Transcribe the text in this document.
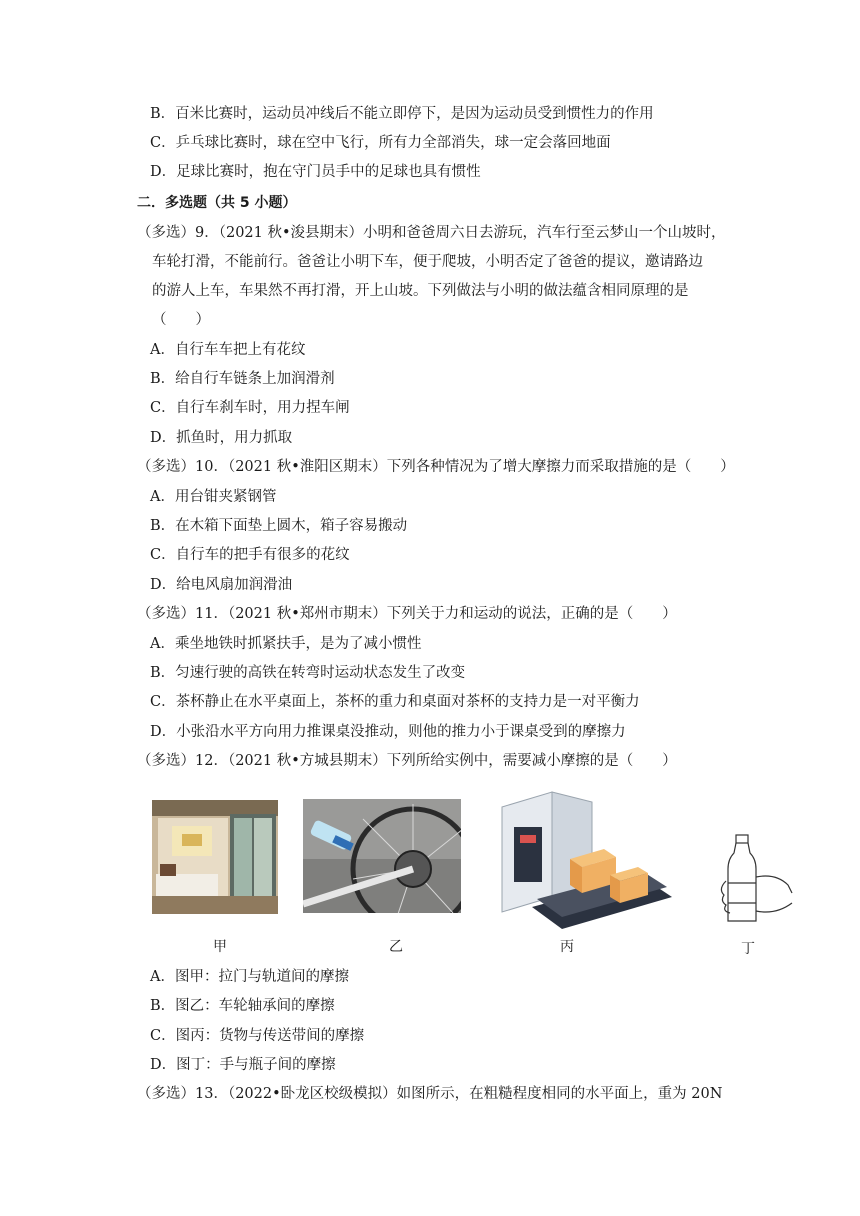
B．百米比赛时，运动员冲线后不能立即停下，是因为运动员受到惯性力的作用
C．乒乓球比赛时，球在空中飞行，所有力全部消失，球一定会落回地面
D．足球比赛时，抱在守门员手中的足球也具有惯性
二．多选题（共 5 小题）
（多选）9．（2021 秋•浚县期末）小明和爸爸周六日去游玩，汽车行至云梦山一个山坡时，
车轮打滑，不能前行。爸爸让小明下车，便于爬坡，小明否定了爸爸的提议，邀请路边
的游人上车，车果然不再打滑，开上山坡。下列做法与小明的做法蕴含相同原理的是
（　　）
A．自行车车把上有花纹
B．给自行车链条上加润滑剂
C．自行车刹车时，用力捏车闸
D．抓鱼时，用力抓取
（多选）10．（2021 秋•淮阳区期末）下列各种情况为了增大摩擦力而采取措施的是（　　）
A．用台钳夹紧钢管
B．在木箱下面垫上圆木，箱子容易搬动
C．自行车的把手有很多的花纹
D．给电风扇加润滑油
（多选）11．（2021 秋•郑州市期末）下列关于力和运动的说法，正确的是（　　）
A．乘坐地铁时抓紧扶手，是为了减小惯性
B．匀速行驶的高铁在转弯时运动状态发生了改变
C．茶杯静止在水平桌面上，茶杯的重力和桌面对茶杯的支持力是一对平衡力
D．小张沿水平方向用力推课桌没推动，则他的推力小于课桌受到的摩擦力
（多选）12．（2021 秋•方城县期末）下列所给实例中，需要减小摩擦的是（　　）
甲	乙	丙	丁
A．图甲：拉门与轨道间的摩擦
B．图乙：车轮轴承间的摩擦
C．图丙：货物与传送带间的摩擦
D．图丁：手与瓶子间的摩擦
（多选）13．（2022•卧龙区校级模拟）如图所示，在粗糙程度相同的水平面上，重为 20N
